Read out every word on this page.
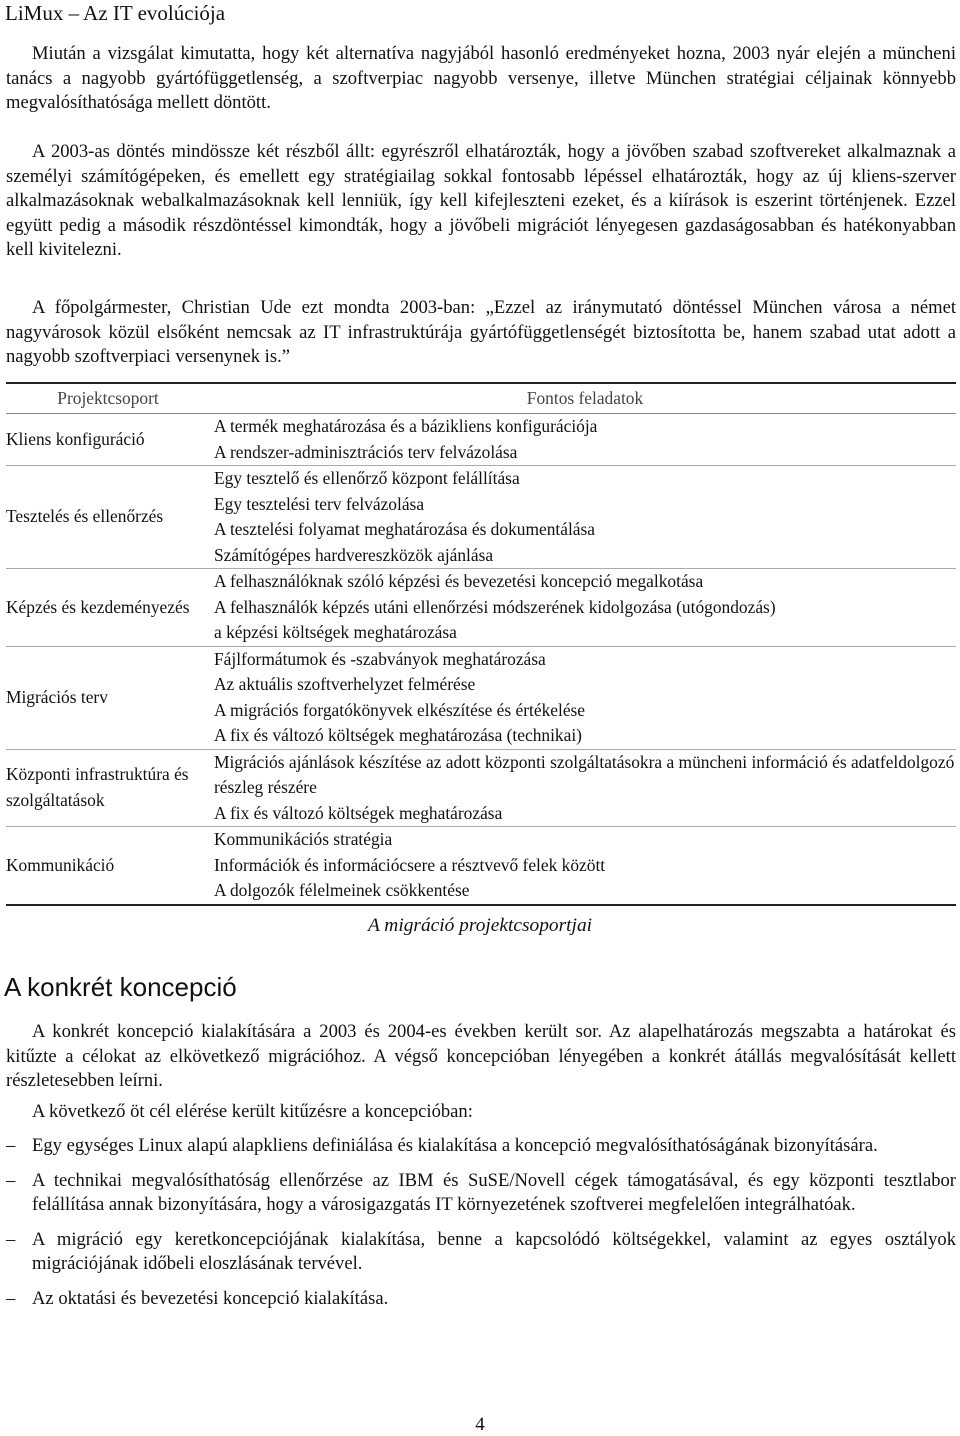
LiMux – Az IT evolúciója

Miután a vizsgálat kimutatta, hogy két alternatíva nagyjából hasonló eredményeket hozna, 2003 nyár elején a müncheni tanács a nagyobb gyártófüggetlenség, a szoftverpiac nagyobb versenye, illetve München stratégiai céljainak könnyebb megvalósíthatósága mellett döntött.

A 2003-as döntés mindössze két részből állt: egyrészről elhatározták, hogy a jövőben szabad szoftvereket alkalmaznak a személyi számítógépeken, és emellett egy stratégiailag sokkal fontosabb lépéssel elhatározták, hogy az új kliens-szerver alkalmazásoknak webalkalmazásoknak kell lenniük, így kell kifejleszteni ezeket, és a kiírások is eszerint történjenek. Ezzel együtt pedig a második részdöntéssel kimondták, hogy a jövőbeli migrációt lényegesen gazdaságosabban és hatékonyabban kell kivitelezni.

A főpolgármester, Christian Ude ezt mondta 2003-ban: „Ezzel az iránymutató döntéssel München városa a német nagyvárosok közül elsőként nemcsak az IT infrastruktúrája gyártófüggetlenségét biztosította be, hanem szabad utat adott a nagyobb szoftverpiaci versenynek is.”

Projektcsoport	Fontos feladatok
Kliens konfiguráció	A termék meghatározása és a bázikliens konfigurációja
A rendszer-adminisztrációs terv felvázolása

Tesztelés és ellenőrzés	Egy tesztelő és ellenőrző központ felállítása
Egy tesztelési terv felvázolása
A tesztelési folyamat meghatározása és dokumentálása
Számítógépes hardvereszközök ajánlása

Képzés és kezdeményezés	A felhasználóknak szóló képzési és bevezetési koncepció megalkotása
A felhasználók képzés utáni ellenőrzési módszerének kidolgozása (utógondozás)
a képzési költségek meghatározása

Migrációs terv	Fájlformátumok és -szabványok meghatározása
Az aktuális szoftverhelyzet felmérése
A migrációs forgatókönyvek elkészítése és értékelése
A fix és változó költségek meghatározása (technikai)

Központi infrastruktúra és szolgáltatások	Migrációs ajánlások készítése az adott központi szolgáltatásokra a müncheni információ és adatfeldolgozó részleg részére
A fix és változó költségek meghatározása

Kommunikáció	Kommunikációs stratégia
Információk és információcsere a résztvevő felek között
A dolgozók félelmeinek csökkentése
A migráció projektcsoportjai
A konkrét koncepció

A konkrét koncepció kialakítására a 2003 és 2004-es években került sor. Az alapelhatározás megszabta a határokat és kitűzte a célokat az elkövetkező migrációhoz. A végső koncepcióban lényegében a konkrét átállás megvalósítását kellett részletesebben leírni.

A következő öt cél elérése került kitűzésre a koncepcióban:

– Egy egységes Linux alapú alapkliens definiálása és kialakítása a koncepció megvalósíthatóságának bizonyítására.
– A technikai megvalósíthatóság ellenőrzése az IBM és SuSE/Novell cégek támogatásával, és egy központi tesztlabor felállítása annak bizonyítására, hogy a városigazgatás IT környezetének szoftverei megfelelően integrálhatóak.
– A migráció egy keretkoncepciójának kialakítása, benne a kapcsolódó költségekkel, valamint az egyes osztályok migrációjának időbeli eloszlásának tervével.
– Az oktatási és bevezetési koncepció kialakítása.
4
